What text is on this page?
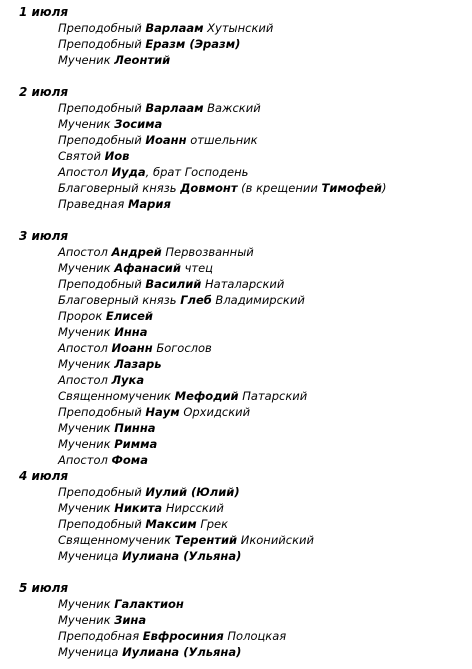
1 июля
Преподобный Варлаам Хутынский
Преподобный Еразм (Эразм)
Мученик Леонтий
2 июля
Преподобный Варлаам Важский
Мученик Зосима
Преподобный Иоанн отшельник
Святой Иов
Апостол Иуда, брат Господень
Благоверный князь Довмонт (в крещении Тимофей)
Праведная Мария
3 июля
Апостол Андрей Первозванный
Мученик Афанасий чтец
Преподобный Василий Наталарский
Благоверный князь Глеб Владимирский
Пророк Елисей
Мученик Инна
Апостол Иоанн Богослов
Мученик Лазарь
Апостол Лука
Священномученик Мефодий Патарский
Преподобный Наум Орхидский
Мученик Пинна
Мученик Римма
Апостол Фома
4 июля
Преподобный Иулий (Юлий)
Мученик Никита Нирсский
Преподобный Максим Грек
Священномученик Терентий Иконийский
Мученица Иулиана (Ульяна)
5 июля
Мученик Галактион
Мученик Зина
Преподобная Евфросиния Полоцкая
Мученица Иулиана (Ульяна)
